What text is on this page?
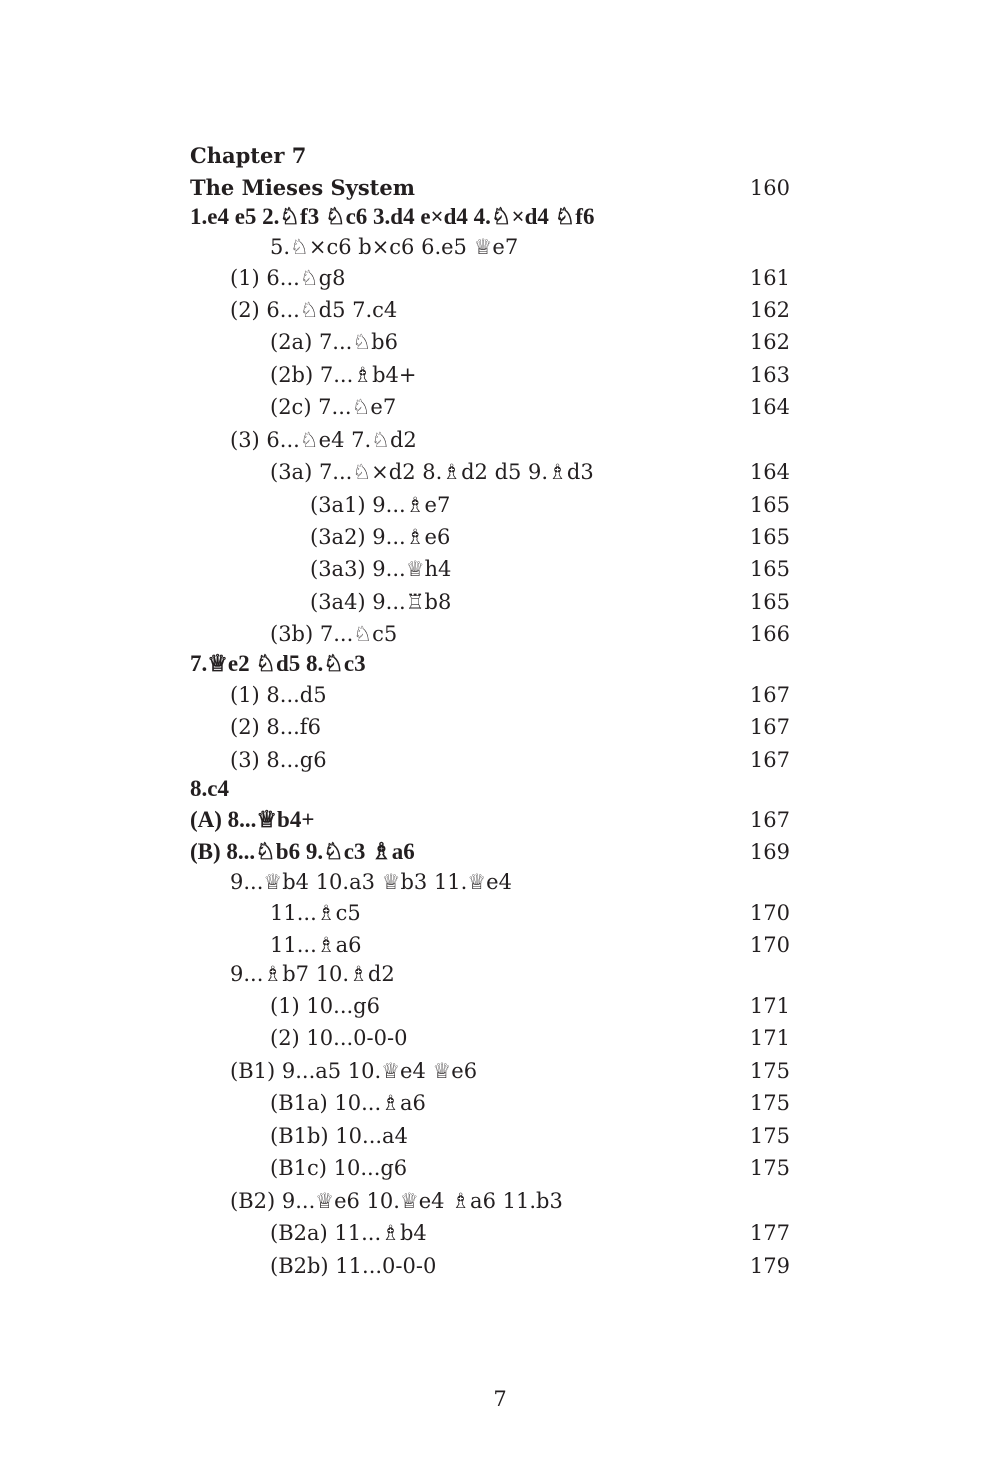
Chapter 7
The Mieses System	160
1.e4 e5 2.♘f3 ♘c6 3.d4 e×d4 4.♘×d4 ♘f6
5.♘×c6 b×c6 6.e5 ♕e7
(1) 6...♘g8	161
(2) 6...♘d5 7.c4	162
(2a) 7...♘b6	162
(2b) 7...♗b4+	163
(2c) 7...♘e7	164
(3) 6...♘e4 7.♘d2
(3a) 7...♘×d2 8.♗d2 d5 9.♗d3	164
(3a1) 9...♗e7	165
(3a2) 9...♗e6	165
(3a3) 9...♕h4	165
(3a4) 9...♖b8	165
(3b) 7...♘c5	166
7.♕e2 ♘d5 8.♘c3
(1) 8...d5	167
(2) 8...f6	167
(3) 8...g6	167
8.c4
(A) 8...♕b4+	167
(B) 8...♘b6 9.♘c3 ♗a6	169
9...♕b4 10.a3 ♕b3 11.♕e4
11...♗c5	170
11...♗a6	170
9...♗b7 10.♗d2
(1) 10...g6	171
(2) 10...0-0-0	171
(B1) 9...a5 10.♕e4 ♕e6	175
(B1a) 10...♗a6	175
(B1b) 10...a4	175
(B1c) 10...g6	175
(B2) 9...♕e6 10.♕e4 ♗a6 11.b3
(B2a) 11...♗b4	177
(B2b) 11...0-0-0	179
7
